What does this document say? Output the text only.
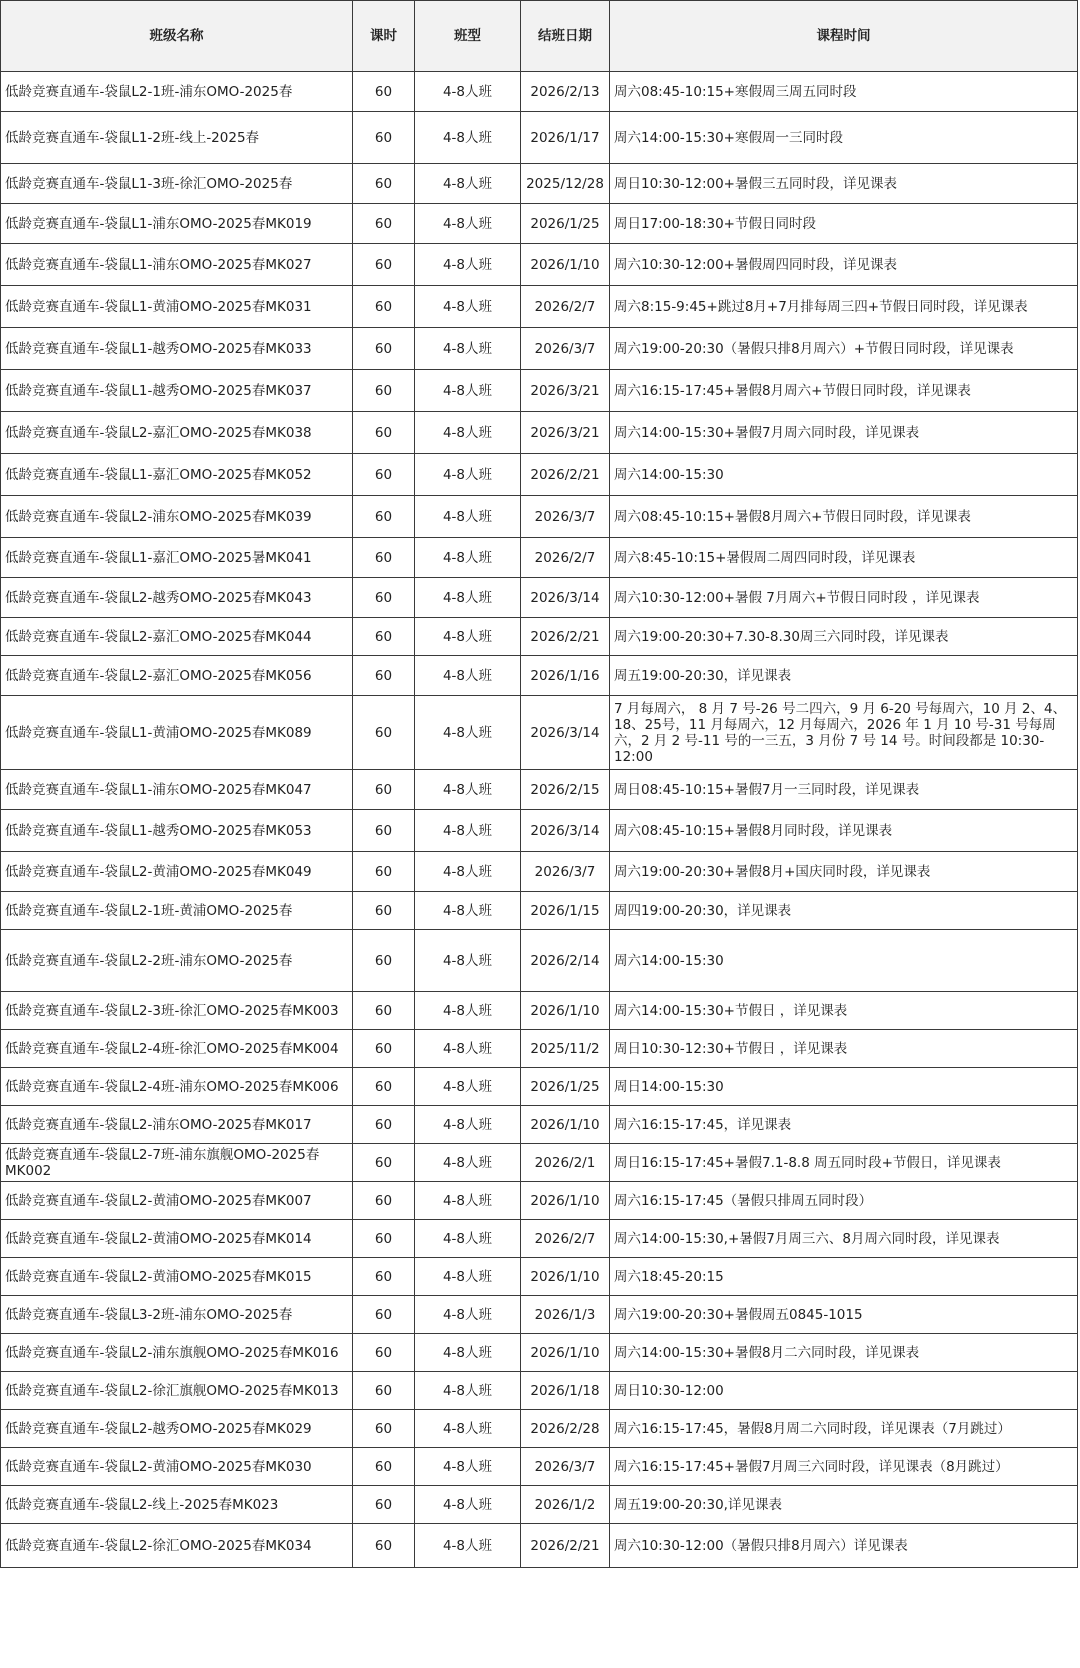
班级名称	课时	班型	结班日期	课程时间
低龄竞赛直通车-袋鼠L2-1班-浦东OMO-2025春	60	4-8人班	2026/2/13	周六08:45-10:15+寒假周三周五同时段
低龄竞赛直通车-袋鼠L1-2班-线上-2025春	60	4-8人班	2026/1/17	周六14:00-15:30+寒假周一三同时段
低龄竞赛直通车-袋鼠L1-3班-徐汇OMO-2025春	60	4-8人班	2025/12/28	周日10:30-12:00+暑假三五同时段，详见课表
低龄竞赛直通车-袋鼠L1-浦东OMO-2025春MK019	60	4-8人班	2026/1/25	周日17:00-18:30+节假日同时段
低龄竞赛直通车-袋鼠L1-浦东OMO-2025春MK027	60	4-8人班	2026/1/10	周六10:30-12:00+暑假周四同时段，详见课表
低龄竞赛直通车-袋鼠L1-黄浦OMO-2025春MK031	60	4-8人班	2026/2/7	周六8:15-9:45+跳过8月+7月排每周三四+节假日同时段，详见课表
低龄竞赛直通车-袋鼠L1-越秀OMO-2025春MK033	60	4-8人班	2026/3/7	周六19:00-20:30（暑假只排8月周六）+节假日同时段，详见课表
低龄竞赛直通车-袋鼠L1-越秀OMO-2025春MK037	60	4-8人班	2026/3/21	周六16:15-17:45+暑假8月周六+节假日同时段，详见课表
低龄竞赛直通车-袋鼠L2-嘉汇OMO-2025春MK038	60	4-8人班	2026/3/21	周六14:00-15:30+暑假7月周六同时段，详见课表
低龄竞赛直通车-袋鼠L1-嘉汇OMO-2025春MK052	60	4-8人班	2026/2/21	周六14:00-15:30
低龄竞赛直通车-袋鼠L2-浦东OMO-2025春MK039	60	4-8人班	2026/3/7	周六08:45-10:15+暑假8月周六+节假日同时段，详见课表
低龄竞赛直通车-袋鼠L1-嘉汇OMO-2025暑MK041	60	4-8人班	2026/2/7	周六8:45-10:15+暑假周二周四同时段，详见课表
低龄竞赛直通车-袋鼠L2-越秀OMO-2025春MK043	60	4-8人班	2026/3/14	周六10:30-12:00+暑假 7月周六+节假日同时段 ，详见课表
低龄竞赛直通车-袋鼠L2-嘉汇OMO-2025春MK044	60	4-8人班	2026/2/21	周六19:00-20:30+7.30-8.30周三六同时段，详见课表
低龄竞赛直通车-袋鼠L2-嘉汇OMO-2025春MK056	60	4-8人班	2026/1/16	周五19:00-20:30，详见课表
低龄竞赛直通车-袋鼠L1-黄浦OMO-2025春MK089	60	4-8人班	2026/3/14	7 月每周六， 8 月 7 号-26 号二四六，9 月 6-20 号每周六，10 月 2、4、18、25号，11 月每周六，12 月每周六，2026 年 1 月 10 号-31 号每周六，2 月 2 号-11 号的一三五，3 月份 7 号 14 号。时间段都是 10:30-12:00
低龄竞赛直通车-袋鼠L1-浦东OMO-2025春MK047	60	4-8人班	2026/2/15	周日08:45-10:15+暑假7月一三同时段，详见课表
低龄竞赛直通车-袋鼠L1-越秀OMO-2025春MK053	60	4-8人班	2026/3/14	周六08:45-10:15+暑假8月同时段，详见课表
低龄竞赛直通车-袋鼠L2-黄浦OMO-2025春MK049	60	4-8人班	2026/3/7	周六19:00-20:30+暑假8月+国庆同时段，详见课表
低龄竞赛直通车-袋鼠L2-1班-黄浦OMO-2025春	60	4-8人班	2026/1/15	周四19:00-20:30，详见课表
低龄竞赛直通车-袋鼠L2-2班-浦东OMO-2025春	60	4-8人班	2026/2/14	周六14:00-15:30
低龄竞赛直通车-袋鼠L2-3班-徐汇OMO-2025春MK003	60	4-8人班	2026/1/10	周六14:00-15:30+节假日 ，详见课表
低龄竞赛直通车-袋鼠L2-4班-徐汇OMO-2025春MK004	60	4-8人班	2025/11/2	周日10:30-12:30+节假日 ，详见课表
低龄竞赛直通车-袋鼠L2-4班-浦东OMO-2025春MK006	60	4-8人班	2026/1/25	周日14:00-15:30
低龄竞赛直通车-袋鼠L2-浦东OMO-2025春MK017	60	4-8人班	2026/1/10	周六16:15-17:45，详见课表
低龄竞赛直通车-袋鼠L2-7班-浦东旗舰OMO-2025春MK002	60	4-8人班	2026/2/1	周日16:15-17:45+暑假7.1-8.8 周五同时段+节假日，详见课表
低龄竞赛直通车-袋鼠L2-黄浦OMO-2025春MK007	60	4-8人班	2026/1/10	周六16:15-17:45（暑假只排周五同时段）
低龄竞赛直通车-袋鼠L2-黄浦OMO-2025春MK014	60	4-8人班	2026/2/7	周六14:00-15:30,+暑假7月周三六、8月周六同时段，详见课表
低龄竞赛直通车-袋鼠L2-黄浦OMO-2025春MK015	60	4-8人班	2026/1/10	周六18:45-20:15
低龄竞赛直通车-袋鼠L3-2班-浦东OMO-2025春	60	4-8人班	2026/1/3	周六19:00-20:30+暑假周五0845-1015
低龄竞赛直通车-袋鼠L2-浦东旗舰OMO-2025春MK016	60	4-8人班	2026/1/10	周六14:00-15:30+暑假8月二六同时段，详见课表
低龄竞赛直通车-袋鼠L2-徐汇旗舰OMO-2025春MK013	60	4-8人班	2026/1/18	周日10:30-12:00
低龄竞赛直通车-袋鼠L2-越秀OMO-2025春MK029	60	4-8人班	2026/2/28	周六16:15-17:45，暑假8月周二六同时段，详见课表（7月跳过）
低龄竞赛直通车-袋鼠L2-黄浦OMO-2025春MK030	60	4-8人班	2026/3/7	周六16:15-17:45+暑假7月周三六同时段，详见课表（8月跳过）
低龄竞赛直通车-袋鼠L2-线上-2025春MK023	60	4-8人班	2026/1/2	周五19:00-20:30,详见课表
低龄竞赛直通车-袋鼠L2-徐汇OMO-2025春MK034	60	4-8人班	2026/2/21	周六10:30-12:00（暑假只排8月周六）详见课表
